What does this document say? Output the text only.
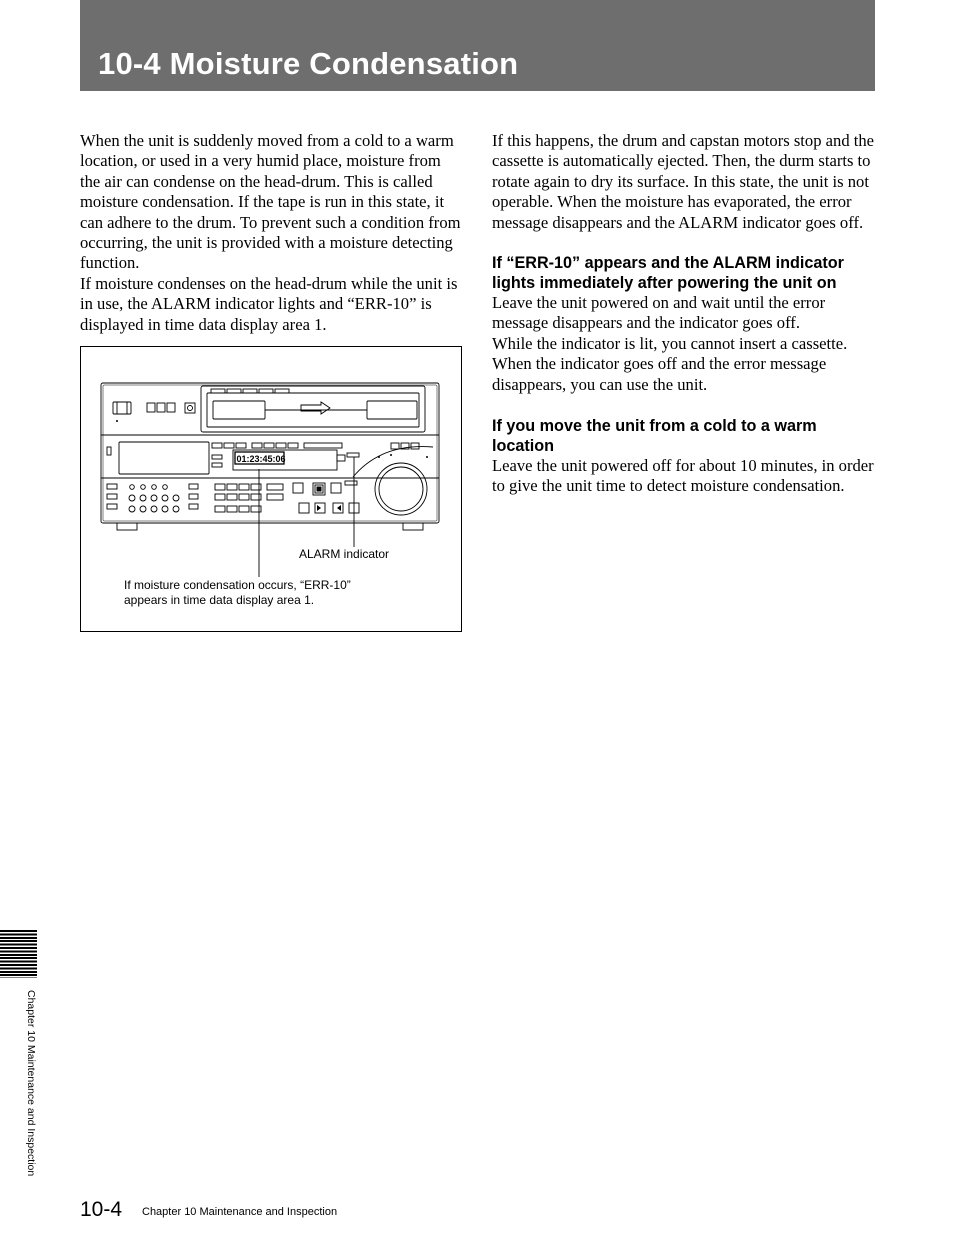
10-4 Moisture Condensation

When the unit is suddenly moved from a cold to a warm location, or used in a very humid place, moisture from the air can condense on the head-drum. This is called moisture condensation. If the tape is run in this state, it can adhere to the drum. To prevent such a condition from occurring, the unit is provided with a moisture detecting function.

If moisture condenses on the head-drum while the unit is in use, the ALARM indicator lights and “ERR-10” is displayed in time data display area 1.

01:23:45:06
ALARM indicator
If moisture condensation occurs, “ERR-10”
appears in time data display area 1.

If this happens, the drum and capstan motors stop and the cassette is automatically ejected. Then, the durm starts to rotate again to dry its surface. In this state, the unit is not operable. When the moisture has evaporated, the error message disappears and the ALARM indicator goes off.

If “ERR-10” appears and the ALARM indicator lights immediately after powering the unit on

Leave the unit powered on and wait until the error message disappears and the indicator goes off.

While the indicator is lit, you cannot insert a cassette. When the indicator goes off and the error message disappears, you can use the unit.

If you move the unit from a cold to a warm location

Leave the unit powered off for about 10 minutes, in order to give the unit time to detect moisture condensation.

Chapter 10 Maintenance and Inspection
10-4 Chapter 10 Maintenance and Inspection
